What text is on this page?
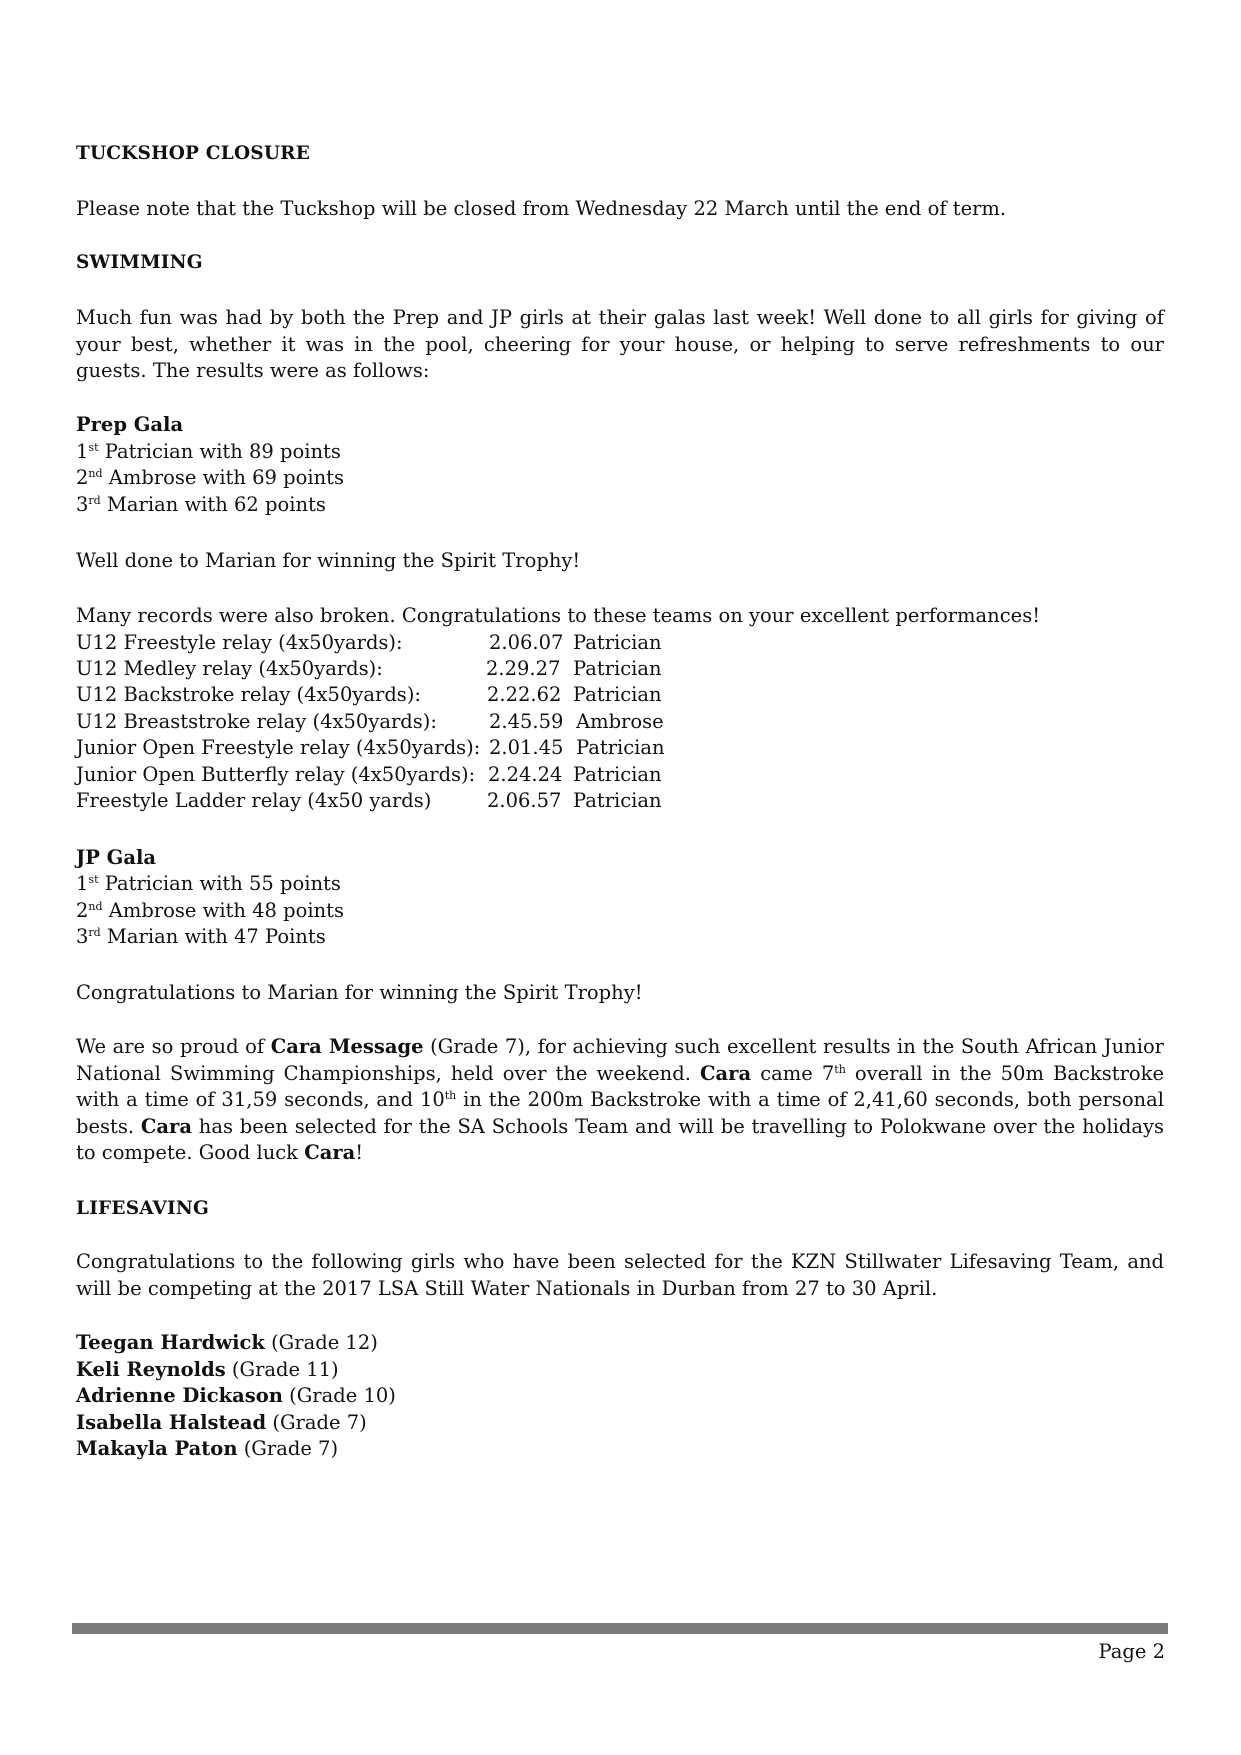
TUCKSHOP CLOSURE
Please note that the Tuckshop will be closed from Wednesday 22 March until the end of term.
SWIMMING
Much fun was had by both the Prep and JP girls at their galas last week! Well done to all girls for giving of your best, whether it was in the pool, cheering for your house, or helping to serve refreshments to our guests. The results were as follows:
Prep Gala
1st Patrician with 89 points
2nd Ambrose with 69 points
3rd Marian with 62 points
Well done to Marian for winning the Spirit Trophy!
Many records were also broken. Congratulations to these teams on your excellent performances!
U12 Freestyle relay (4x50yards):	2.06.07 Patrician
U12 Medley relay (4x50yards):	2.29.27 Patrician
U12 Backstroke relay (4x50yards):	2.22.62 Patrician
U12 Breaststroke relay (4x50yards):	2.45.59 Ambrose
Junior Open Freestyle relay (4x50yards): 2.01.45 Patrician
Junior Open Butterfly relay (4x50yards): 2.24.24 Patrician
Freestyle Ladder relay (4x50 yards)	2.06.57 Patrician
JP Gala
1st Patrician with 55 points
2nd Ambrose with 48 points
3rd Marian with 47 Points
Congratulations to Marian for winning the Spirit Trophy!
We are so proud of Cara Message (Grade 7), for achieving such excellent results in the South African Junior National Swimming Championships, held over the weekend. Cara came 7th overall in the 50m Backstroke with a time of 31,59 seconds, and 10th in the 200m Backstroke with a time of 2,41,60 seconds, both personal bests. Cara has been selected for the SA Schools Team and will be travelling to Polokwane over the holidays to compete. Good luck Cara!
LIFESAVING
Congratulations to the following girls who have been selected for the KZN Stillwater Lifesaving Team, and will be competing at the 2017 LSA Still Water Nationals in Durban from 27 to 30 April.
Teegan Hardwick (Grade 12)
Keli Reynolds (Grade 11)
Adrienne Dickason (Grade 10)
Isabella Halstead (Grade 7)
Makayla Paton (Grade 7)
Page 2
